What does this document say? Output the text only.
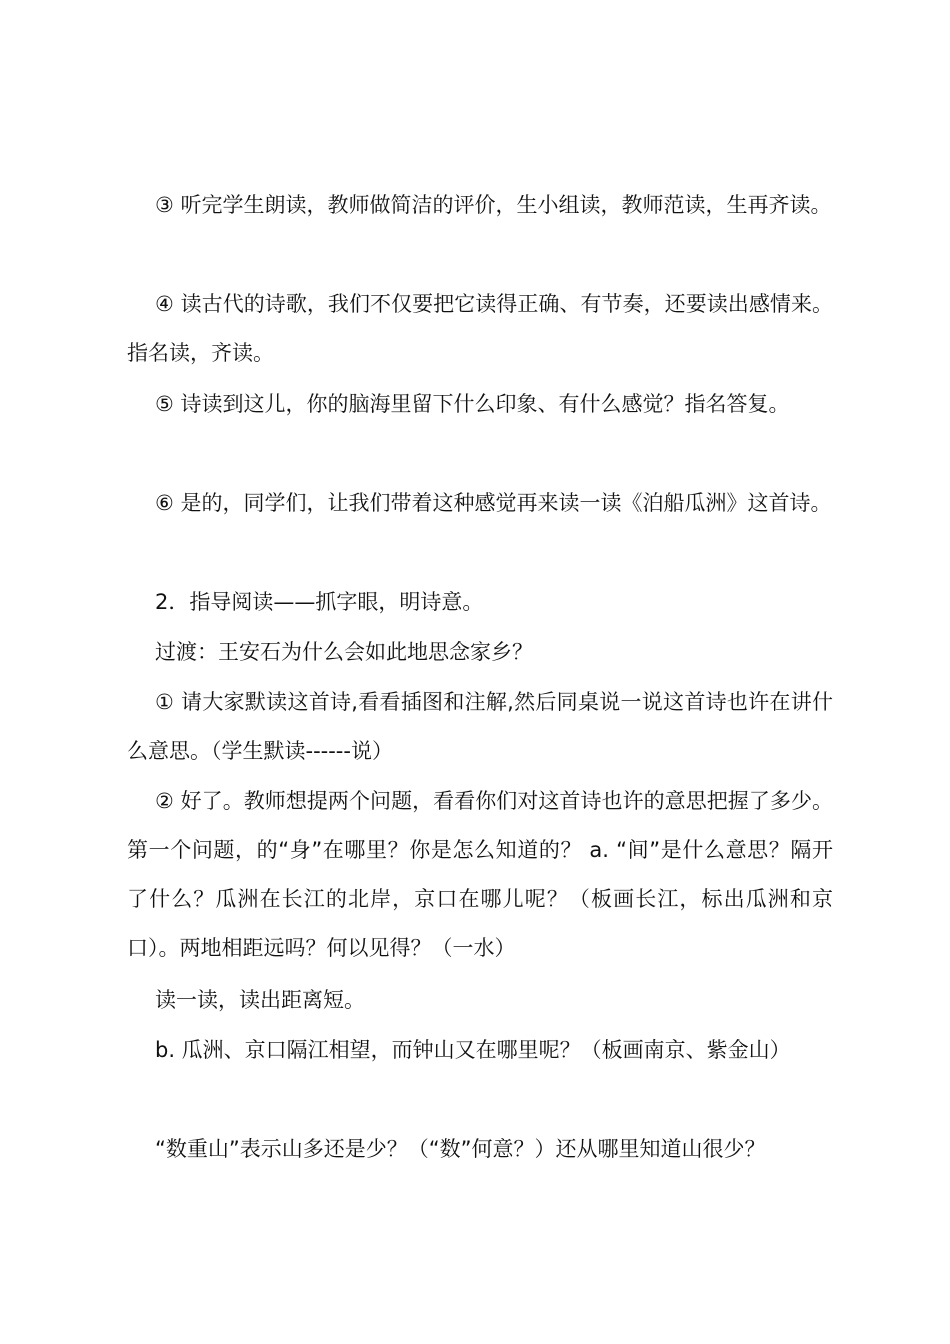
③ 听完学生朗读，教师做简洁的评价，生小组读，教师范读，生再齐读。

④ 读古代的诗歌，我们不仅要把它读得正确、有节奏，还要读出感情来。指名读，齐读。

⑤ 诗读到这儿，你的脑海里留下什么印象、有什么感觉？指名答复。

⑥ 是的，同学们，让我们带着这种感觉再来读一读《泊船瓜洲》这首诗。

2．指导阅读——抓字眼，明诗意。

过渡：王安石为什么会如此地思念家乡？

① 请大家默读这首诗,看看插图和注解,然后同桌说一说这首诗也许在讲什么意思。（学生默读------说）

② 好了。教师想提两个问题，看看你们对这首诗也许的意思把握了多少。第一个问题，的“身”在哪里？你是怎么知道的？ a. “间”是什么意思？隔开了什么？瓜洲在长江的北岸，京口在哪儿呢？（板画长江，标出瓜洲和京口）。两地相距远吗？何以见得？（一水）

读一读，读出距离短。

b. 瓜洲、京口隔江相望，而钟山又在哪里呢？（板画南京、紫金山）

“数重山”表示山多还是少？（“数”何意？）还从哪里知道山很少？
